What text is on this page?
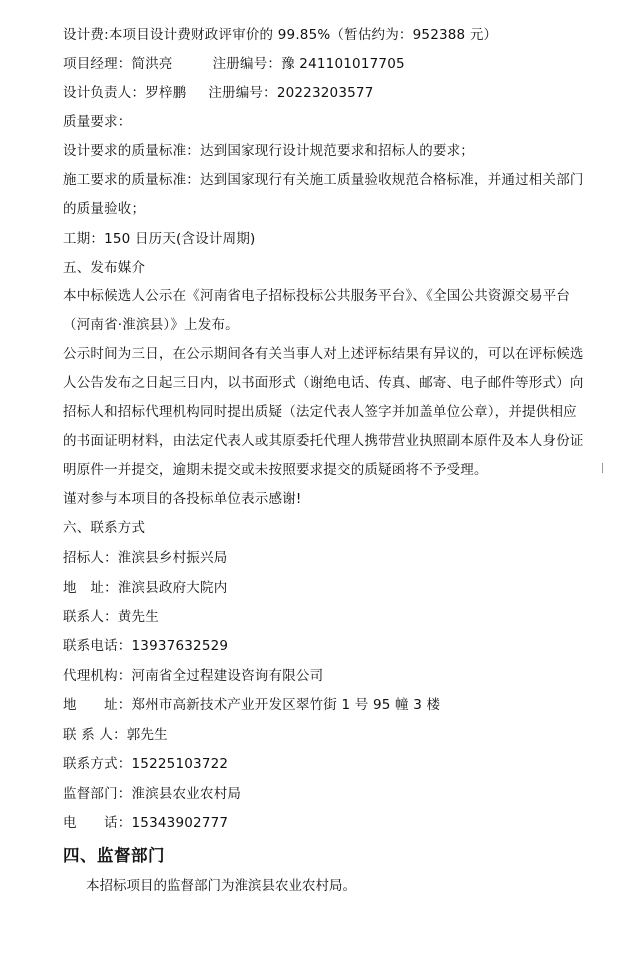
设计费:本项目设计费财政评审价的 99.85%（暂估约为：952388 元）
项目经理：简洪亮	注册编号：豫 241101017705
设计负责人：罗梓鹏 注册编号：20223203577
质量要求：
设计要求的质量标准：达到国家现行设计规范要求和招标人的要求；
施工要求的质量标准：达到国家现行有关施工质量验收规范合格标准，并通过相关部门的质量验收；
工期：150 日历天(含设计周期)
五、发布媒介
本中标候选人公示在《河南省电子招标投标公共服务平台》、《全国公共资源交易平台（河南省·淮滨县）》上发布。
公示时间为三日，在公示期间各有关当事人对上述评标结果有异议的，可以在评标候选人公告发布之日起三日内，以书面形式（谢绝电话、传真、邮寄、电子邮件等形式）向招标人和招标代理机构同时提出质疑（法定代表人签字并加盖单位公章），并提供相应的书面证明材料，由法定代表人或其原委托代理人携带营业执照副本原件及本人身份证明原件一并提交，逾期未提交或未按照要求提交的质疑函将不予受理。
谨对参与本项目的各投标单位表示感谢!
六、联系方式
招标人：淮滨县乡村振兴局
地　址：淮滨县政府大院内
联系人：黄先生
联系电话：13937632529
代理机构：河南省全过程建设咨询有限公司
地　　址：郑州市高新技术产业开发区翠竹街 1 号 95 幢 3 楼
联 系 人：郭先生
联系方式：15225103722
监督部门：淮滨县农业农村局
电　　话：15343902777
四、监督部门
本招标项目的监督部门为淮滨县农业农村局。
